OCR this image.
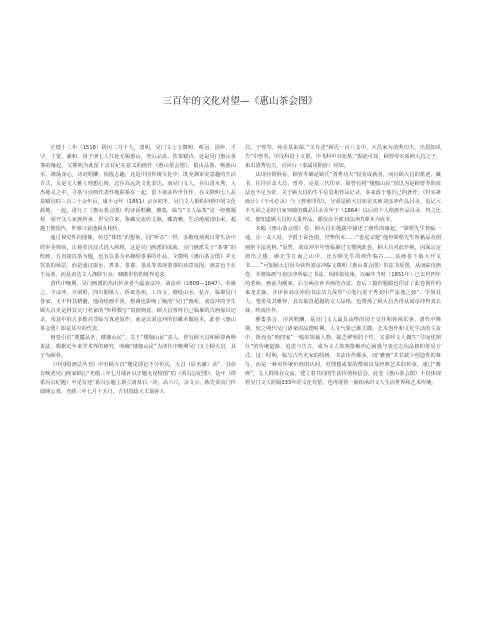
三百年的文化对望—《惠山茶会图》

正德十三年（1518）阴历二月十九，清明，吴门文士文徵明、蔡羽、汤珍、王守、王宠、潘和、汤子朋七人共赴无锡惠山，登山品泉，饮茶赋诗。这是吴门惠山茶事的缘起。文徵明为此留下具有纪实意义的画作《惠山茶会图》，借由品茶，畅游山水，涤荡身心，诗词唱酬，相投志趣，这是中国传统文化中，既充满审美意趣的生活方式，又是文人雅士理想心境，志存高远的文化表达。而吴门文人，在山清水秀，人杰地灵之中，寻茶与诗画代表性地联系在一起，留下诸多传世佳作。在文徵明七人品泉赋诗的三百三十余年后，咸丰元年（1851）京东初冬，吴门文人相约回到中国文化源地，一起，进行了《惠山茶会图》的诗话唱酬。雅集，临写“文人品茶”这一经典题材，展开文人家族传承、世交往来、鉴藏交流的文脉，藏清晰，生动地展现出来，超越王朝迭代，世事兴衰地薪火相传。

通过视觉性的图像，传达“体悟”的想象，同“听音”一样，多维度展现日常生活中的审美体验，让观者沉浸式进入画境，这是吴门画派的成就。吴门画派关于“茶事”的绘画，有直接以茶为题，也有以茶为名描绘茶事的作品，文徵明《惠山茶会图》并无饮茶的场景，而是通过取水、煮茶、茶寮、茶具等表现茶事的诗意氛围，画意也不在于品茶，而是表达文人涤除尘杂，啸傲世俗的境界追求。

清代中晚期，吴门画派的杰出传承者当属刘彦冲。刘彦冲（1809—1847），名咏之，字彦冲，号梁壑，四川铜梁人，侨寓苏州，工诗文，擅绘山水、花卉，临摹吴门各家，无不得其精髓，他的绘画平淡、格调也影响了晚清“吴门”画苑。刘彦冲的学生顾大昌更是得其吴门名家的“传移模写”贯彻到底。顾大昌曾得自己临摹的古画加以记录，用其中的大多数并非临写真迹原作，而是以刘彦冲的旧藏本做底本。此卷《惠山茶会图》即是其中的代表。

画卷引首“蕙麓品茗，楼伽山民”。关于“楼伽山民”其人，曾有顾大昌和顾春两种说法，根据近年来学术界的研究，明确“楼伽山民”为清代中晚期吴门文士顾大昌，其子为顾春。

《中国绘画总丛刊》中有顾大昌“题见即记不分传次，大昌（原名墉）录”，书前有晚清吴门画家顾沄“光绪三年七月端补以正题无误绘图”的《希冯公纪图》，是年（谭希冯公纪题）中见有述“希冯公题上新立诸墓石一块，高六尺，余文云，陈先贤真门传郎顾公墓。光绪三年七月十五日，吉封资政大夫翁孙大

昌、子曾寿、孙亮基来谒。”又有述“顾氏一百八支中，大昌家为清秀功夫，出周知风告”中曾寿，甲戌科进士文堪。中书科中书苑墓。”据此可知，顾曾寿实系顾大昌之子，系出清秀功夫，官风台（秦属凤阳府）同知。

从现存资料看，顾曾寿确是顾氏“清秀功夫”较有成就者，而且顾大昌的墨迹，藏书，往往钤盖大昌、曾寿、亮基三代印章，故曾有将“楼伽山民”误以为是顾曾寿的说法也不足为奇。关于顾大昌的生平信息和作品记录，多来源于他自己的著作，《归实斋画计》《不可必录》与《曾斑印印》，分别是顾大昌如见其师刘彦冲作品目录，追记大半天回之见时自家突破的藏品目录及甲子（1864）以后的个人绘画作品目录。得之比对，便知道顾大昌的大量作品，都仅以全部刘彦冲的摹本为底本。

本幅《惠山茶会图》卷，顾大昌在题跋中描述了画作的缘起，“梁壑先生曾临一通，注一友人处，予抵于说色图，世弊所本……”卷尾又题“他得梁壑先生所藉品及图画胆平法名称。”显然，刘彦冲早年曾临摹过文徵明此卷，顾大昌对此珍视，因深宗定鸿出之感。顾先生江南之山中，还有顾先生的画作临古……其画卷下载大开文书……”可知顾大昌因为获得刘彦冲临文徵明《惠山茶会图》的法书原图，从而临仿画卷，并将临画与刘彦冲所临之书法，相拼接装裱，以编年当时（1851年）已去世四年的老师，画前为刚来，后分两次补齐画的诗意。卷后三篇的题跋也印证了此卷创作的来龙去脉。并评价刘彦冲的书法功力深厚“引笔行墨于秀劲中严流逸之致”，学如其人。笔墨及其雅怀，具有取直超越的文人品格，也赞扬了顾大昌苦得从刘彦冲得其衣钵，终成佳作。

雅集茶会，诗词唱酬，是吴门文人最具高格的园子交往和休闲乐事。清代中晚期，较之明代吴门诸家的品德时期，人文气象已渐式微，艺术创作和文化生活的主流中，既没有“明四家”一般的领袖人物，缺乏鲜明的个性，又要呼文人偶生“学而优则仕”的传统道路，追思与告古，成为文人墨客排解内心困惑与表达志向品格的常见方式。这一时期，临写古代名家的绘画、书法佳作都多，而“雅画”并非缺少创造性的摹写，而是一种对传统价值的认同，对理想成果的赞颂以及经典艺术的传承。通过“雅画”，文人群体在交流、建立着共同的生活价值和信念。此卷《惠山茶会图》不仅体现着吴门文人时隔333年的文化对望，也再现着一脉相承的文人生活世界和艺术传统。
